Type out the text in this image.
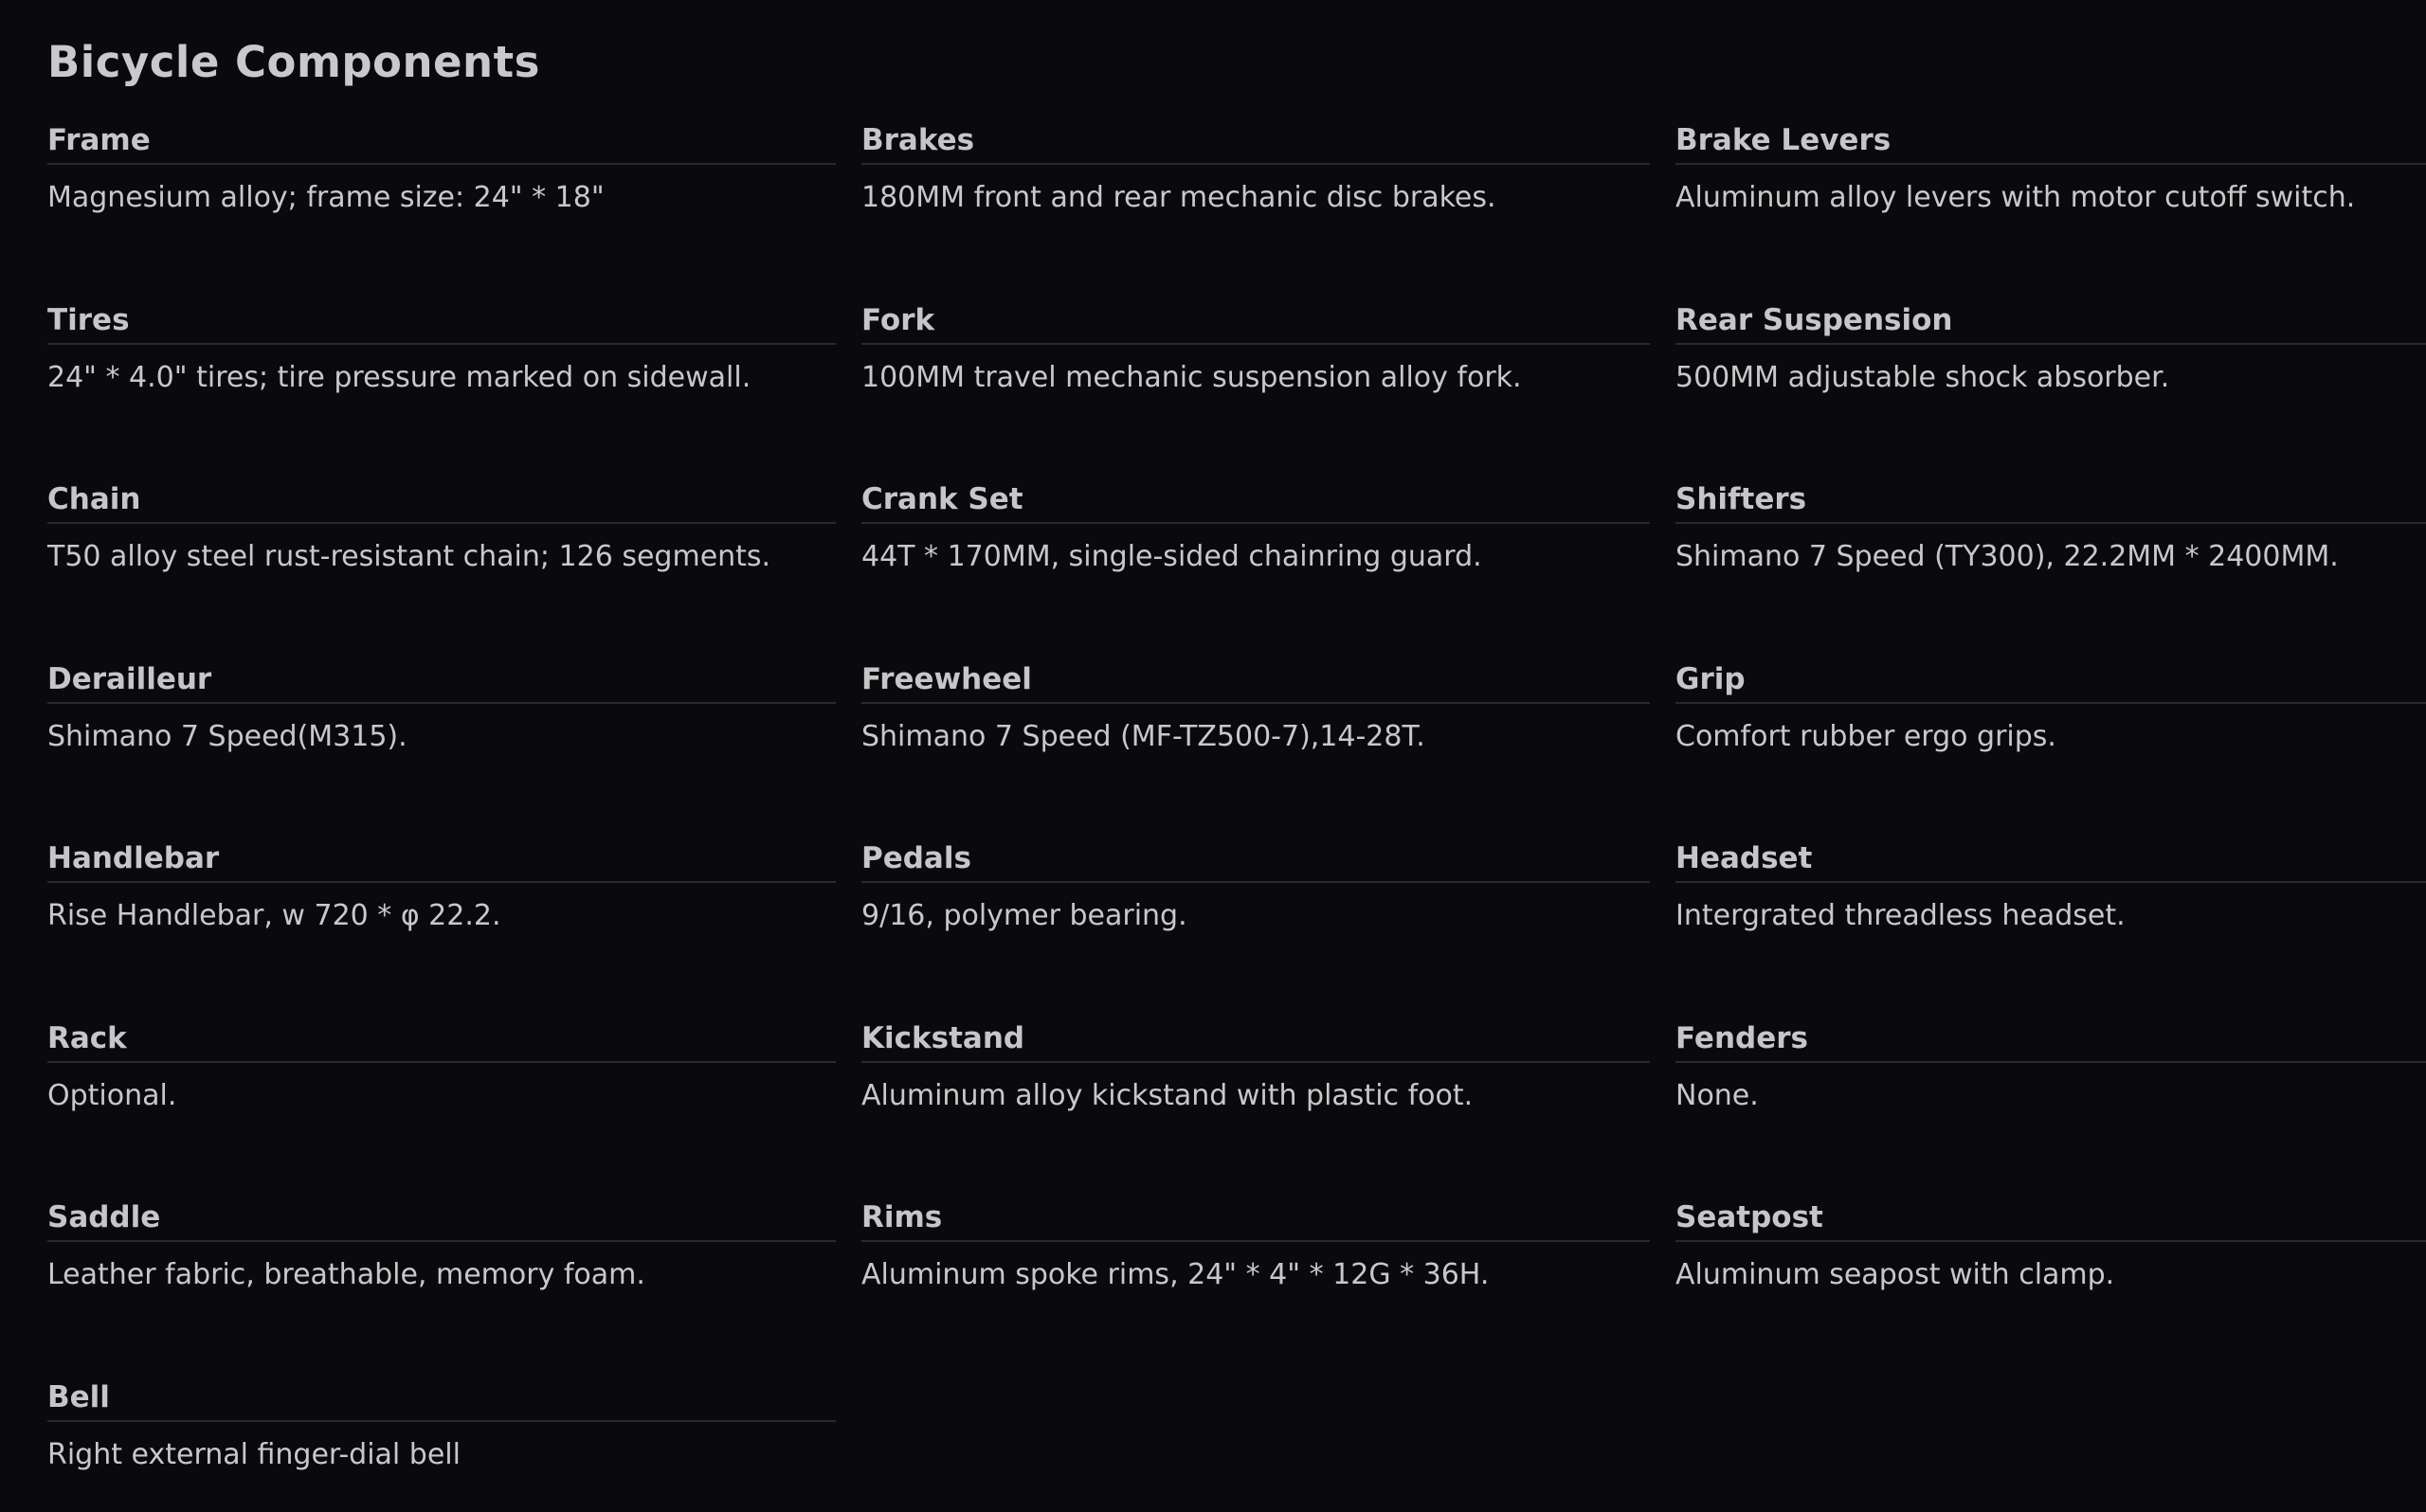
Bicycle Components
Frame
Magnesium alloy; frame size: 24" * 18"
Brakes
180MM front and rear mechanic disc brakes.
Brake Levers
Aluminum alloy levers with motor cutoff switch.
Tires
24" * 4.0" tires; tire pressure marked on sidewall.
Fork
100MM travel mechanic suspension alloy fork.
Rear Suspension
500MM adjustable shock absorber.
Chain
T50 alloy steel rust-resistant chain; 126 segments.
Crank Set
44T * 170MM, single-sided chainring guard.
Shifters
Shimano 7 Speed (TY300), 22.2MM * 2400MM.
Derailleur
Shimano 7 Speed(M315).
Freewheel
Shimano 7 Speed (MF-TZ500-7),14-28T.
Grip
Comfort rubber ergo grips.
Handlebar
Rise Handlebar, w 720 * φ 22.2.
Pedals
9/16, polymer bearing.
Headset
Intergrated threadless headset.
Rack
Optional.
Kickstand
Aluminum alloy kickstand with plastic foot.
Fenders
None.
Saddle
Leather fabric, breathable, memory foam.
Rims
Aluminum spoke rims, 24" * 4" * 12G * 36H.
Seatpost
Aluminum seapost with clamp.
Bell
Right external finger-dial bell
